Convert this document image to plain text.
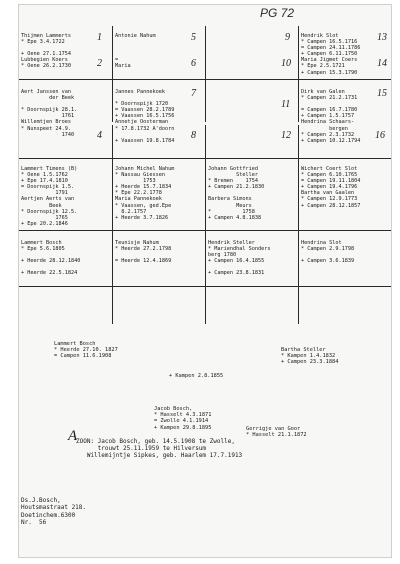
PG 72
Thijmen Lammerts
* Epe 3.4.1722

+ Oene 27.1.1754
Lubbegien Koers
* Oene 26.2.1730
1
2
Antonie Nahum

=
Maria
5
6
9
10
Hendrik Slot
* Campen 16.5.1716
= Campen 24.11.1786
+ Campen 6.11.1750
Maria Jigmet Coers
* Epe 2.5.1721
+ Campen 15.3.1790
13
14
Aert Janssen van
der Beek

* Doornspijk 28.1.
1761
Willemtjen Broes
* Nunspeet 24.9.
1740	4
Jannes Pannekoek

* Doornspijk 1720
= Vaassen 28.2.1789
+ Vaassen 16.5.1756
Annetje Oosterman
* 17.8.1732 A'doorn

+ Vaassen 19.8.1784
7
8
11
12
Dirk van Galen
* Campen 21.2.1731

= Campen 16.7.1780
+ Campen 1.5.1757
Hendrina Schaars-
bergen
* Campen 2.3.1732
+ Campen 10.12.1794
15
16
Lammert Timens (B)
* Oene 1.5.1762
+ Epe 17.4.1810
= Doornspijk 1.5.
1791
Aertjen Aerts van
Beek
* Doornspijk 12.5.
1765
+ Epe 20.2.1846
Johann Michel Nahum
* Nassau Giessen
1753
+ Heerde 15.7.1834
* Epe 22.2.1778
Maria Pannekoek
* Vaassen, ged.Epe
8.2.1757
+ Heerde 3.7.1826
Johann Gottfried
Steller
* Bremen    1754
+ Campen 21.2.1830

Barbera Simons
Meurs
*          1758
+ Campen 4.8.1838
Wichert Coert Slot
* Campen 6.10.1765
= Campen 19.11.1804
+ Campen 19.4.1796
Bartha van Gaalen
* Campen 12.9.1773
+ Campen 28.12.1857
Lammert Bosch
* Epe 5.6.1805

+ Heerde 28.12.1840

+ Heerde 22.5.1824
Teunisje Nahum
* Heerde 27.2.1798

= Heerde 12.4.1869
Hendrik Steller
* Mariendhal Sonders
berg 1780
+ Campen 16.4.1855

+ Campen 23.8.1831
Hendrina Slot
* Campen 2.9.1798

+ Campen 3.6.1839
Lammert Bosch
* Heerde 27.10. 1827
= Campen 11.6.1908
Bartha Steller
* Kampen 1.4.1832
+ Campen 23.3.1884
+ Kampen 2.8.1855
Jacob Bosch,
* Hasselt 4.3.1871
= Zwolle 4.1.1914
+ Kampen 29.8.1895	Gerrigje van Goor
* Hasselt 21.1.1872
A
ZOON: Jacob Bosch, geb. 14.5.1908 te Zwolle,
trouwt 25.11.1959 te Hilversum
Willemijntje Sipkes, geb. Haarlem 17.7.1913
Ds.J.Bosch,
Houtsmastraat 218.
Doetinchem.6300
Nr.  56
